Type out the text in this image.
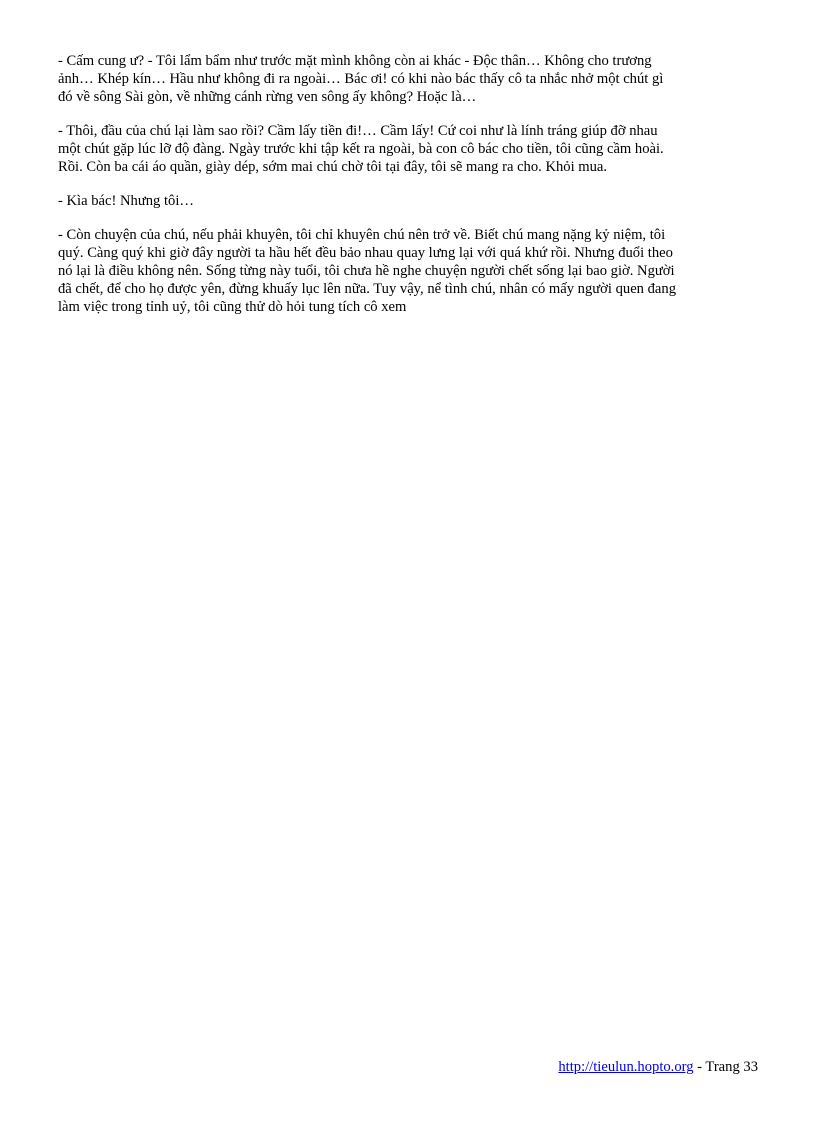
- Cấm cung ư? - Tôi lẩm bẩm như trước mặt mình không còn ai khác - Độc thân… Không cho trương
ảnh… Khép kín… Hầu như không đi ra ngoài… Bác ơi! có khi nào bác thấy cô ta nhắc nhở một chút gì
đó về sông Sài gòn, về những cánh rừng ven sông ấy không? Hoặc là…

- Thôi, đầu của chú lại làm sao rồi? Cầm lấy tiền đi!… Cầm lấy! Cứ coi như là lính tráng giúp đỡ nhau
một chút gặp lúc lỡ độ đàng. Ngày trước khi tập kết ra ngoài, bà con cô bác cho tiền, tôi cũng cầm hoài.
Rồi. Còn ba cái áo quần, giày dép, sớm mai chú chờ tôi tại đây, tôi sẽ mang ra cho. Khỏi mua.

- Kìa bác! Nhưng tôi…

- Còn chuyện của chú, nếu phải khuyên, tôi chỉ khuyên chú nên trở về. Biết chú mang nặng kỷ niệm, tôi
quý. Càng quý khi giờ đây người ta hầu hết đều bảo nhau quay lưng lại với quá khứ rồi. Nhưng đuổi theo
nó lại là điều không nên. Sống từng này tuổi, tôi chưa hề nghe chuyện người chết sống lại bao giờ. Người
đã chết, để cho họ được yên, đừng khuấy lục lên nữa. Tuy vậy, nể tình chú, nhân có mấy người quen đang
làm việc trong tỉnh uỷ, tôi cũng thử dò hỏi tung tích cô xem

http://tieulun.hopto.org - Trang 33
